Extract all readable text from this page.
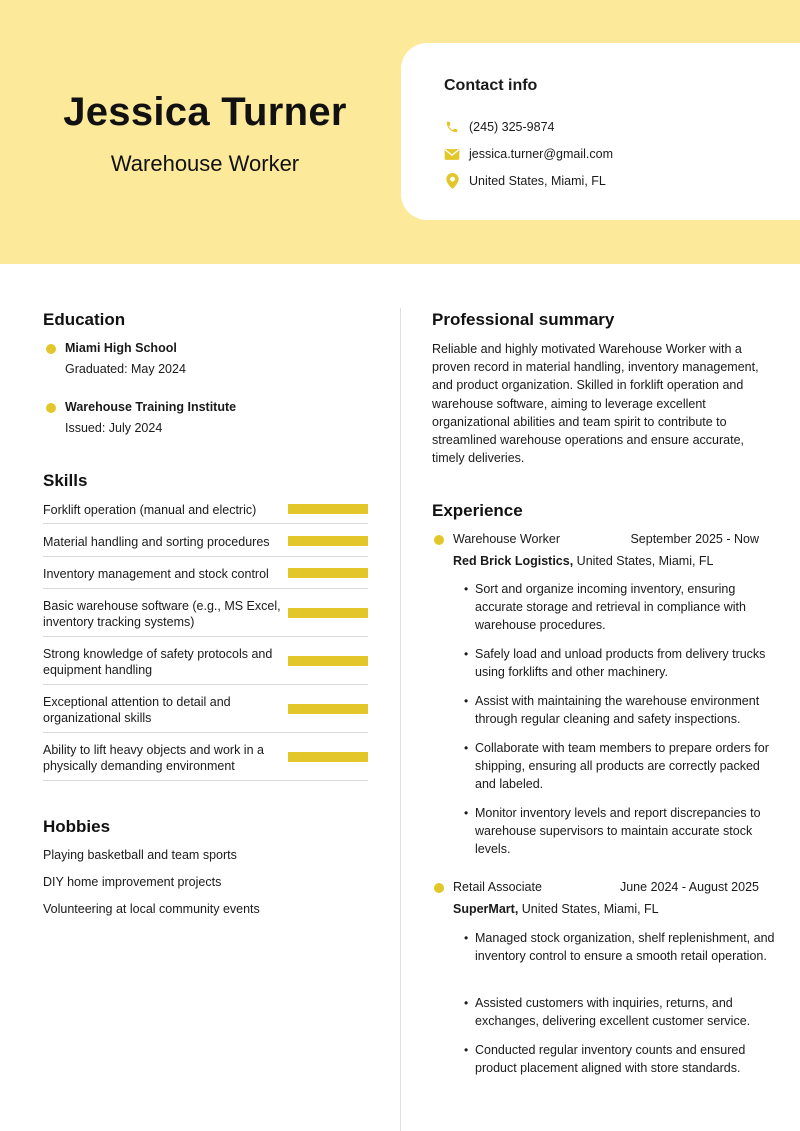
Jessica Turner
Warehouse Worker
Contact info
(245) 325-9874
jessica.turner@gmail.com
United States, Miami, FL
Education
Miami High School
Graduated: May 2024
Warehouse Training Institute
Issued: July 2024
Skills
Forklift operation (manual and electric)
Material handling and sorting procedures
Inventory management and stock control
Basic warehouse software (e.g., MS Excel, inventory tracking systems)
Strong knowledge of safety protocols and equipment handling
Exceptional attention to detail and organizational skills
Ability to lift heavy objects and work in a physically demanding environment
Hobbies
Playing basketball and team sports
DIY home improvement projects
Volunteering at local community events
Professional summary
Reliable and highly motivated Warehouse Worker with a proven record in material handling, inventory management, and product organization. Skilled in forklift operation and warehouse software, aiming to leverage excellent organizational abilities and team spirit to contribute to streamlined warehouse operations and ensure accurate, timely deliveries.
Experience
Warehouse Worker	September 2025 - Now
Red Brick Logistics, United States, Miami, FL
• Sort and organize incoming inventory, ensuring accurate storage and retrieval in compliance with warehouse procedures.
• Safely load and unload products from delivery trucks using forklifts and other machinery.
• Assist with maintaining the warehouse environment through regular cleaning and safety inspections.
• Collaborate with team members to prepare orders for shipping, ensuring all products are correctly packed and labeled.
• Monitor inventory levels and report discrepancies to warehouse supervisors to maintain accurate stock levels.
Retail Associate	June 2024 - August 2025
SuperMart, United States, Miami, FL
• Managed stock organization, shelf replenishment, and inventory control to ensure a smooth retail operation.
• Assisted customers with inquiries, returns, and exchanges, delivering excellent customer service.
• Conducted regular inventory counts and ensured product placement aligned with store standards.
